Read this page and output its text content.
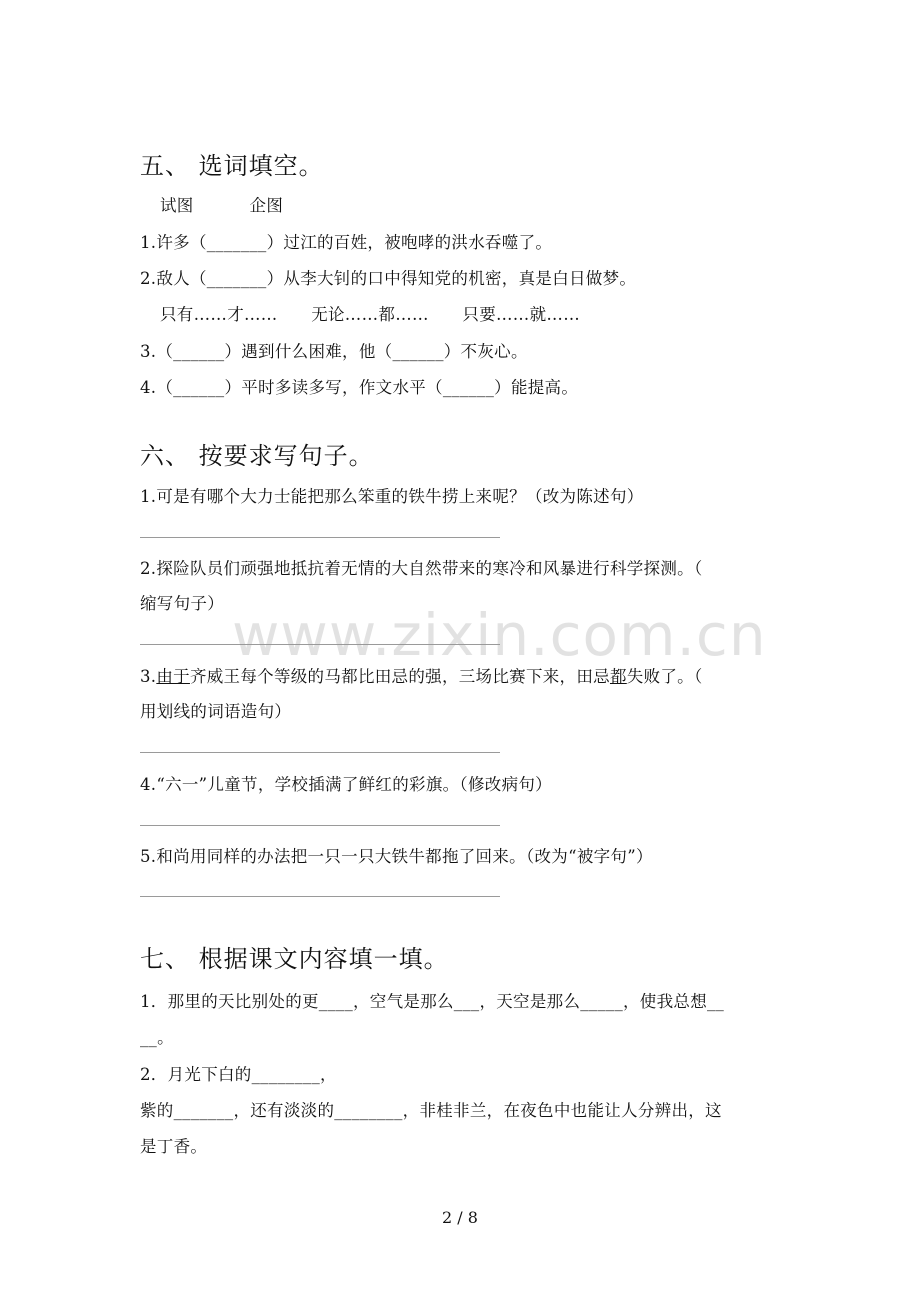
五、 选词填空。
试图　　　 企图
1.许多（_______）过江的百姓，被咆哮的洪水吞噬了。
2.敌人（_______）从李大钊的口中得知党的机密，真是白日做梦。
只有……才……　　无论……都……　　只要……就……
3.（______）遇到什么困难，他（______）不灰心。
4.（______）平时多读多写，作文水平（______）能提高。
六、 按要求写句子。
1.可是有哪个大力士能把那么笨重的铁牛捞上来呢？（改为陈述句）
2.探险队员们顽强地抵抗着无情的大自然带来的寒冷和风暴进行科学探测。（
缩写句子）
3.由于齐威王每个等级的马都比田忌的强，三场比赛下来，田忌都失败了。（
用划线的词语造句）
4.“六一”儿童节，学校插满了鲜红的彩旗。（修改病句）
5.和尚用同样的办法把一只一只大铁牛都拖了回来。（改为“被字句”）
七、 根据课文内容填一填。
1．那里的天比别处的更____，空气是那么___，天空是那么_____，使我总想__
__。
2．月光下白的________，
紫的_______，还有淡淡的________，非桂非兰，在夜色中也能让人分辨出，这
是丁香。
www.zixin.com.cn
2 / 8
